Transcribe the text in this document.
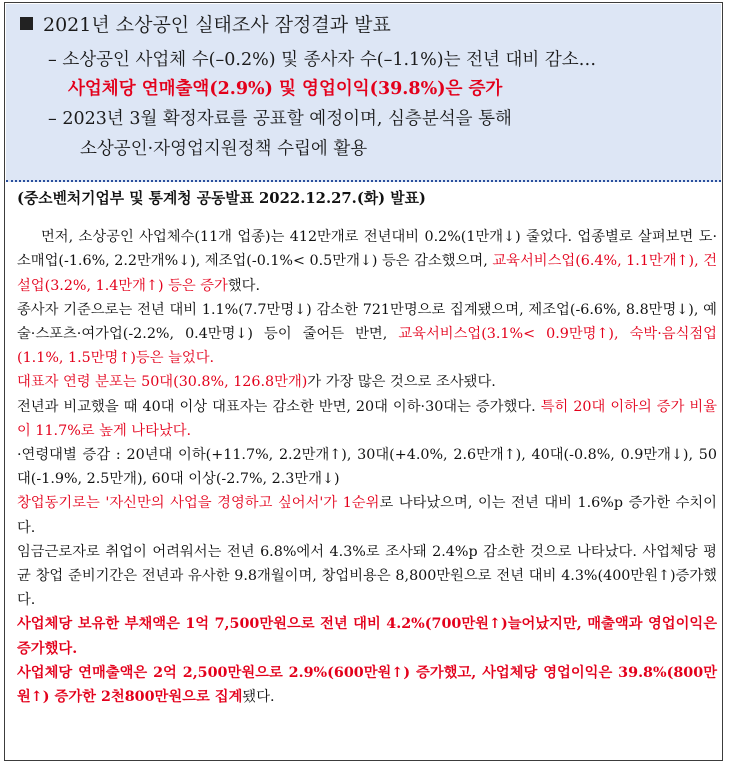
2021년 소상공인 실태조사 잠정결과 발표
– 소상공인 사업체 수(–0.2%) 및 종사자 수(–1.1%)는 전년 대비 감소…
사업체당 연매출액(2.9%) 및 영업이익(39.8%)은 증가
– 2023년 3월 확정자료를 공표할 예정이며, 심층분석을 통해
소상공인·자영업지원정책 수립에 활용
(중소벤처기업부 및 통계청 공동발표 2022.12.27.(화) 발표)

먼저, 소상공인 사업체수(11개 업종)는 412만개로 전년대비 0.2%(1만개↓) 줄었다. 업종별로 살펴보면 도·소매업(-1.6%, 2.2만개%↓), 제조업(-0.1%< 0.5만개↓) 등은 감소했으며, 교육서비스업(6.4%, 1.1만개↑), 건설업(3.2%, 1.4만개↑) 등은 증가했다.

종사자 기준으로는 전년 대비 1.1%(7.7만명↓) 감소한 721만명으로 집계됐으며, 제조업(-6.6%, 8.8만명↓), 예술·스포츠·여가업(-2.2%, 0.4만명↓) 등이 줄어든 반면, 교육서비스업(3.1%< 0.9만명↑), 숙박·음식점업(1.1%, 1.5만명↑)등은 늘었다.

대표자 연령 분포는 50대(30.8%, 126.8만개)가 가장 많은 것으로 조사됐다.

전년과 비교했을 때 40대 이상 대표자는 감소한 반면, 20대 이하·30대는 증가했다. 특히 20대 이하의 증가 비율이 11.7%로 높게 나타났다.

·연령대별 증감 : 20년대 이하(+11.7%, 2.2만개↑), 30대(+4.0%, 2.6만개↑), 40대(-0.8%, 0.9만개↓), 50대(-1.9%, 2.5만개), 60대 이상(-2.7%, 2.3만개↓)

창업동기로는 '자신만의 사업을 경영하고 싶어서'가 1순위로 나타났으며, 이는 전년 대비 1.6%p 증가한 수치이다.

임금근로자로 취업이 어려워서는 전년 6.8%에서 4.3%로 조사돼 2.4%p 감소한 것으로 나타났다. 사업체당 평균 창업 준비기간은 전년과 유사한 9.8개월이며, 창업비용은 8,800만원으로 전년 대비 4.3%(400만원↑)증가했다.

사업체당 보유한 부채액은 1억 7,500만원으로 전년 대비 4.2%(700만원↑)늘어났지만, 매출액과 영업이익은 증가했다.

사업체당 연매출액은 2억 2,500만원으로 2.9%(600만원↑) 증가했고, 사업체당 영업이익은 39.8%(800만원↑) 증가한 2천800만원으로 집계됐다.
